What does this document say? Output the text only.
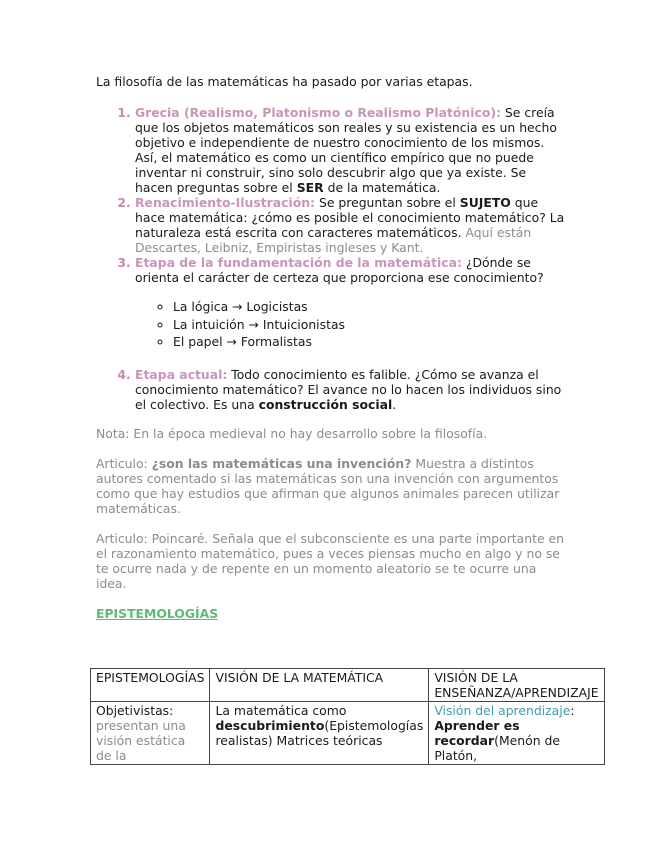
La filosofía de las matemáticas ha pasado por varias etapas.

1. Grecia (Realismo, Platonismo o Realismo Platónico): Se creía que los objetos matemáticos son reales y su existencia es un hecho objetivo e independiente de nuestro conocimiento de los mismos. Así, el matemático es como un científico empírico que no puede inventar ni construir, sino solo descubrir algo que ya existe. Se hacen preguntas sobre el SER de la matemática.
2. Renacimiento-Ilustración: Se preguntan sobre el SUJETO que hace matemática: ¿cómo es posible el conocimiento matemático? La naturaleza está escrita con caracteres matemáticos. Aquí están Descartes, Leibniz, Empiristas ingleses y Kant.
3. Etapa de la fundamentación de la matemática: ¿Dónde se orienta el carácter de certeza que proporciona ese conocimiento?
◦ La lógica → Logicistas
◦ La intuición → Intuicionistas
◦ El papel → Formalistas
4. Etapa actual: Todo conocimiento es falible. ¿Cómo se avanza el conocimiento matemático? El avance no lo hacen los individuos sino el colectivo. Es una construcción social.

Nota: En la época medieval no hay desarrollo sobre la filosofía.

Articulo: ¿son las matemáticas una invención? Muestra a distintos autores comentado si las matemáticas son una invención con argumentos como que hay estudios que afirman que algunos animales parecen utilizar matemáticas.

Articulo: Poincaré. Señala que el subconsciente es una parte importante en el razonamiento matemático, pues a veces piensas mucho en algo y no se te ocurre nada y de repente en un momento aleatorio se te ocurre una idea.

EPISTEMOLOGÍAS

EPISTEMOLOGÍAS	VISIÓN DE LA MATEMÁTICA	VISIÓN DE LA ENSEÑANZA/APRENDIZAJE
Objetivistas: presentan una visión estática de la	La matemática como descubrimiento(Epistemologías realistas) Matrices teóricas	Visión del aprendizaje: Aprender es recordar(Menón de Platón,
